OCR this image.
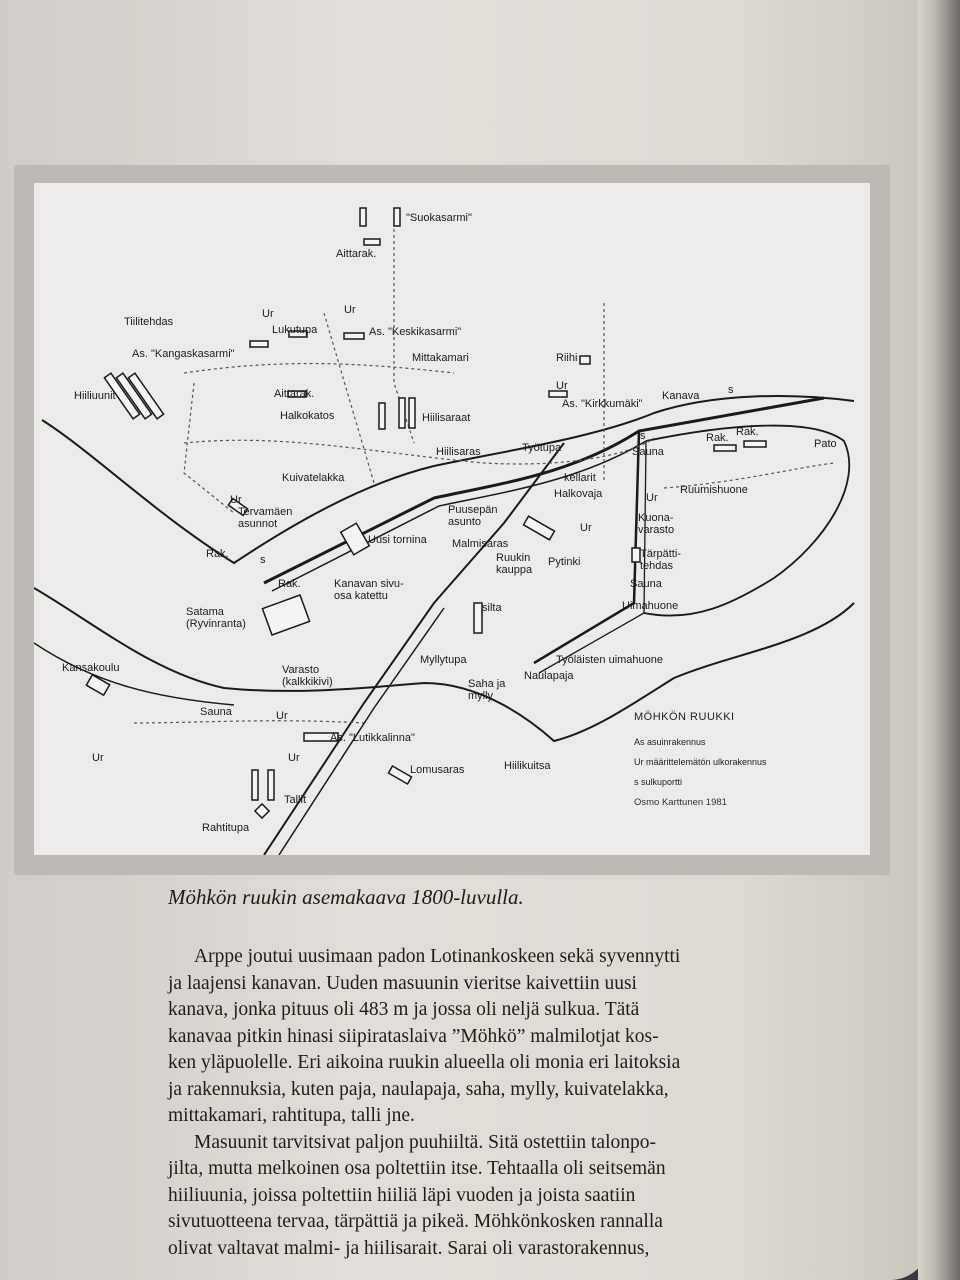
"Suokasarmi"
Aittarak.
Tiilitehdas
Ur	Ur
Lukutupa	As. "Keskikasarmi"
Mittakamari
As. "Kangaskasarmi"
Hiiliuunit
Riihi
Ur
As. "Kirkkumäki"
Kanava	s
Aittarak.
Halkokatos	Hiilisaraat
Hiilisaras	Työtupa
Rak. Rak.
Pato
Sauna
s
Kuivatelakka	kellarit
Halkovaja	Ruumishuone
Ur
Tervamäen asunnot
Puusepän asunto
Ur
Ur
Kuona- varasto
Uusi tornina Malmisaras
Rak.	s	Ruukin kauppa
Pytinki
Tärpätti- tehdas
Rak.	Kanavan sivu- osa katettu
Sauna
Satama (Ryvinranta)
silta	Uimahuone
Myllytupa	Työläisten uimahuone
Naulapaja
Kansakoulu	Varasto (kalkkikivi)	Saha ja mylly
Sauna	Ur
Ur
As. "Lutikkalinna"
Ur
Lomusaras	Hiilikuitsa
Tallit
Rahtitupa
MÖHKÖN RUUKKI
As asuinrakennus
Ur määrittelemätön ulkorakennus
s sulkuportti
Osmo Karttunen 1981
Möhkön ruukin asemakaava 1800-luvulla.

Arppe joutui uusimaan padon Lotinankoskeen sekä syvennytti
ja laajensi kanavan. Uuden masuunin vieritse kaivettiin uusi
kanava, jonka pituus oli 483 m ja jossa oli neljä sulkua. Tätä
kanavaa pitkin hinasi siipirataslaiva ”Möhkö” malmilotjat kos-
ken yläpuolelle. Eri aikoina ruukin alueella oli monia eri laitoksia
ja rakennuksia, kuten paja, naulapaja, saha, mylly, kuivatelakka,
mittakamari, rahtitupa, talli jne.

Masuunit tarvitsivat paljon puuhiiltä. Sitä ostettiin talonpo-
jilta, mutta melkoinen osa poltettiin itse. Tehtaalla oli seitsemän
hiiliuunia, joissa poltettiin hiiliä läpi vuoden ja joista saatiin
sivutuotteena tervaa, tärpättiä ja pikeä. Möhkönkosken rannalla
olivat valtavat malmi- ja hiilisarait. Sarai oli varastorakennus,
